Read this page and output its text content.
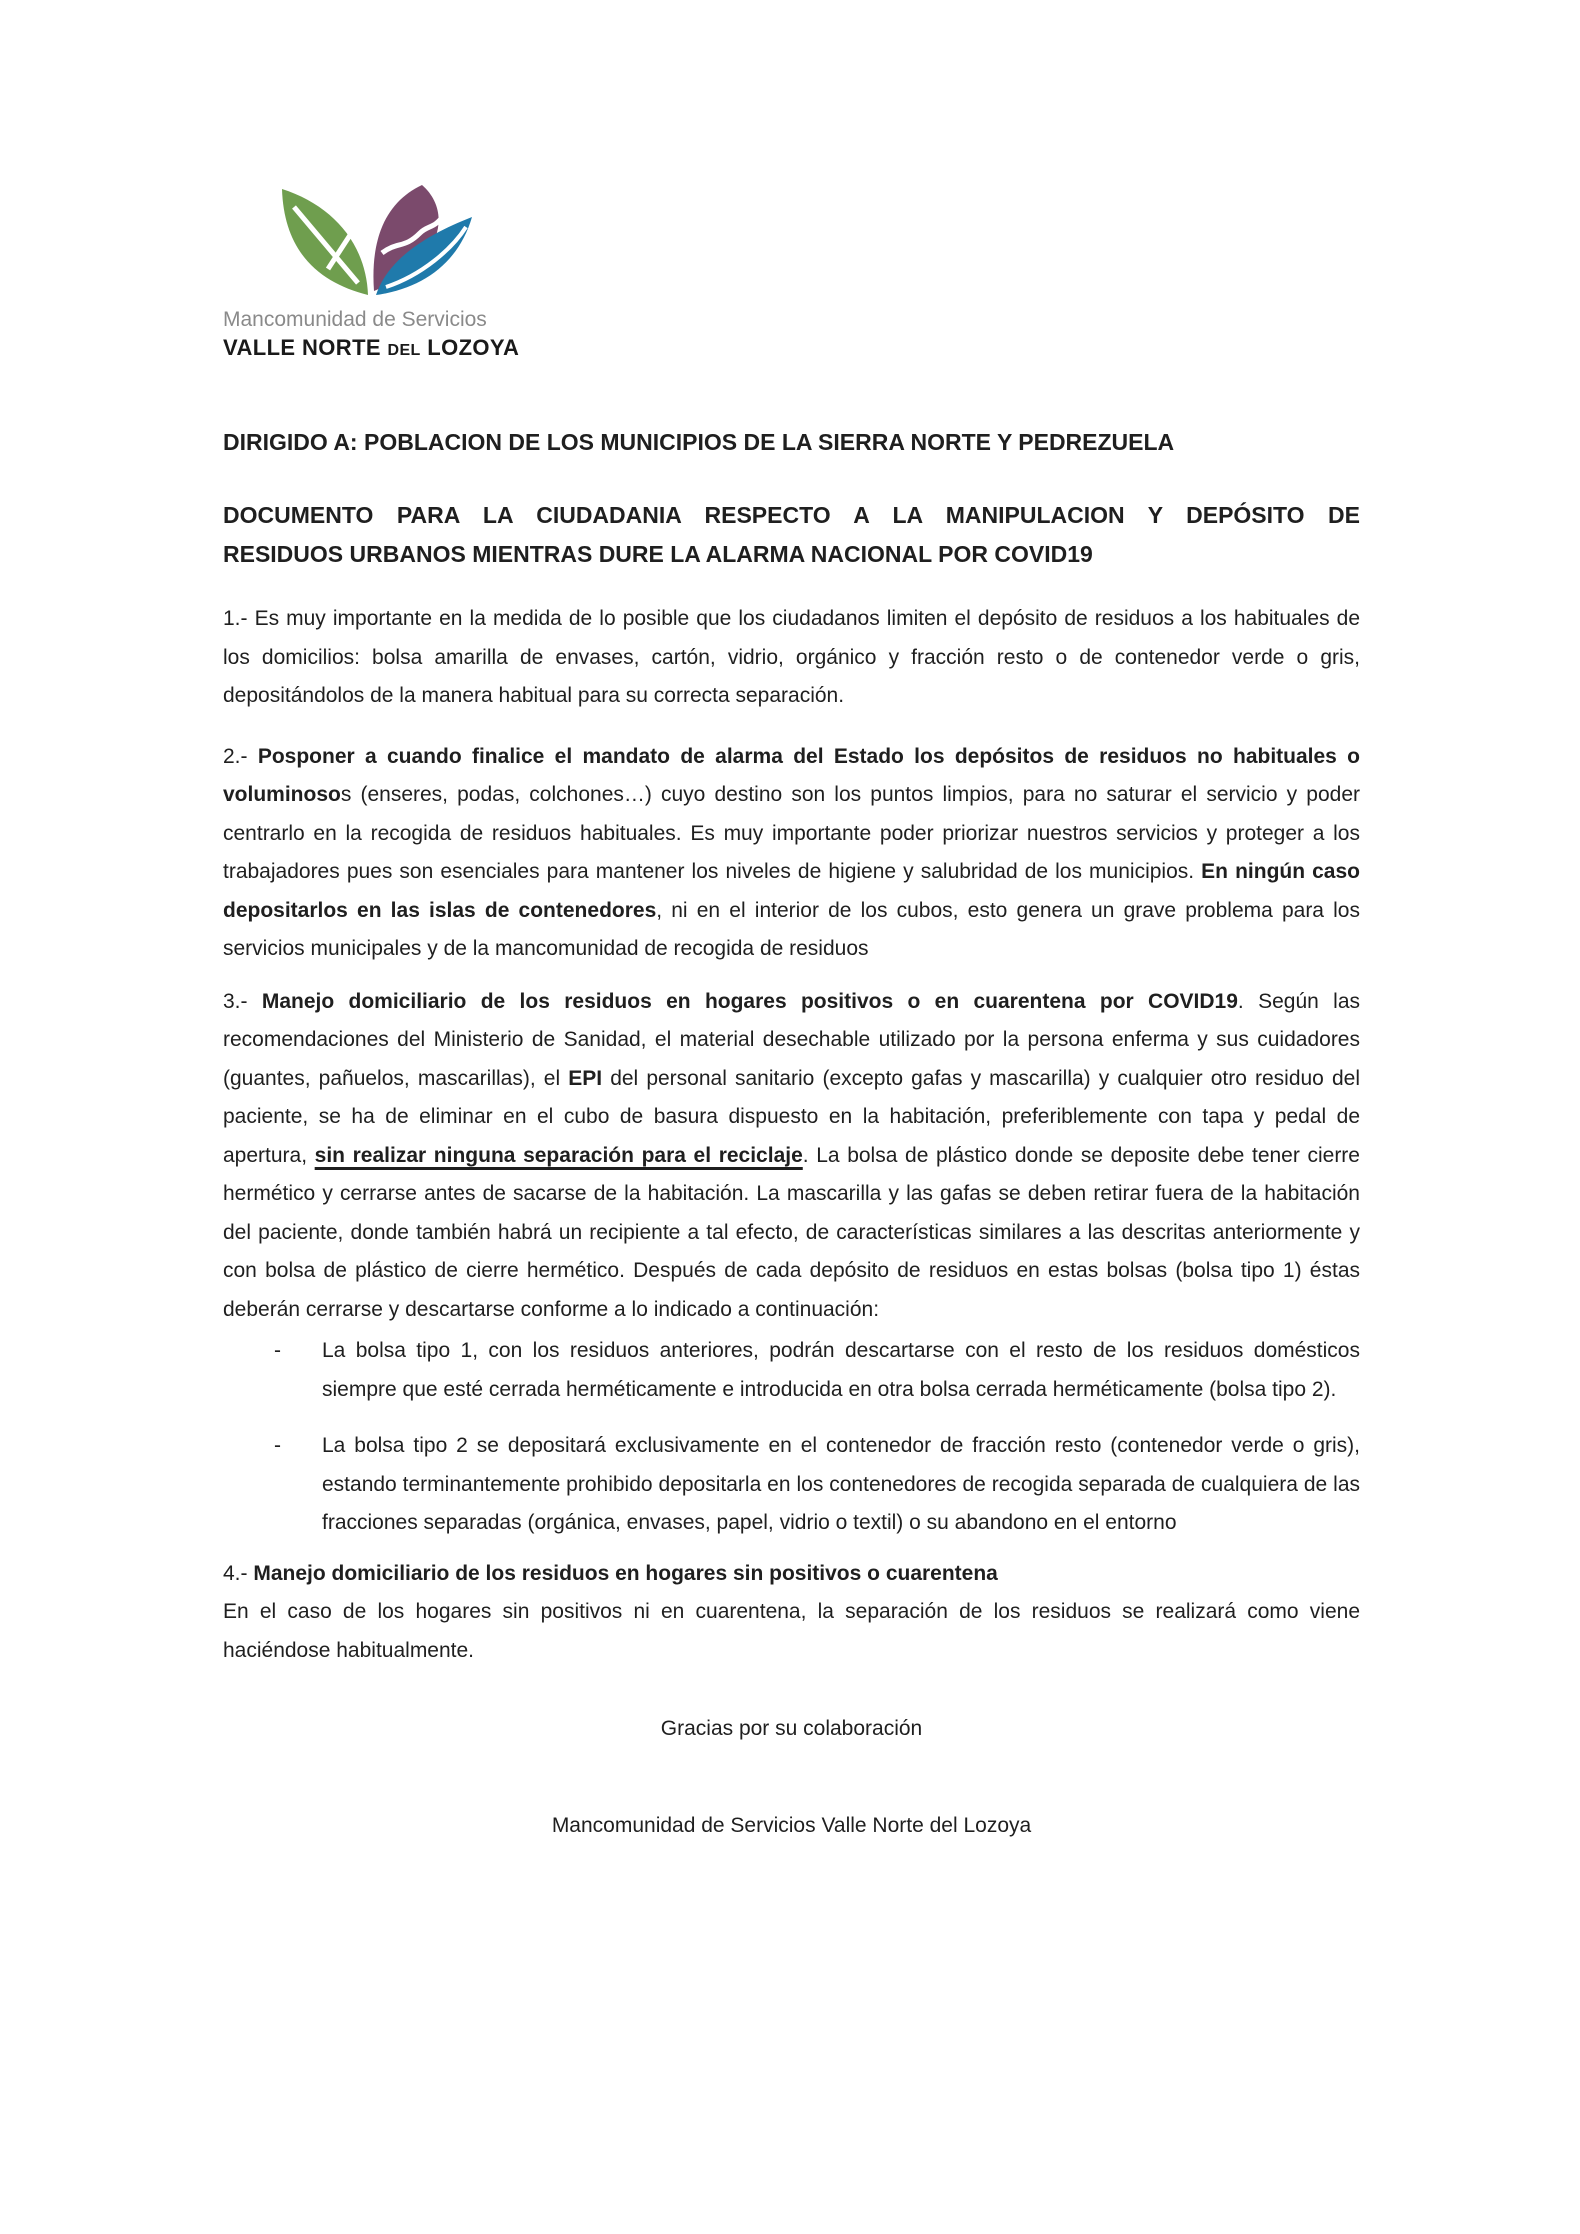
Mancomunidad de Servicios
VALLE NORTE DEL LOZOYA
DIRIGIDO A: POBLACION DE LOS MUNICIPIOS DE LA SIERRA NORTE Y PEDREZUELA
DOCUMENTO PARA LA CIUDADANIA RESPECTO A LA MANIPULACION Y DEPÓSITO DE
RESIDUOS URBANOS MIENTRAS DURE LA ALARMA NACIONAL POR COVID19
1.- Es muy importante en la medida de lo posible que los ciudadanos limiten el depósito de residuos a los habituales de los domicilios: bolsa amarilla de envases, cartón, vidrio, orgánico y fracción resto o de contenedor verde o gris, depositándolos de la manera habitual para su correcta separación.
2.- Posponer a cuando finalice el mandato de alarma del Estado los depósitos de residuos no habituales o voluminosos (enseres, podas, colchones…) cuyo destino son los puntos limpios, para no saturar el servicio y poder centrarlo en la recogida de residuos habituales. Es muy importante poder priorizar nuestros servicios y proteger a los trabajadores pues son esenciales para mantener los niveles de higiene y salubridad de los municipios. En ningún caso depositarlos en las islas de contenedores, ni en el interior de los cubos, esto genera un grave problema para los servicios municipales y de la mancomunidad de recogida de residuos
3.- Manejo domiciliario de los residuos en hogares positivos o en cuarentena por COVID19. Según las recomendaciones del Ministerio de Sanidad, el material desechable utilizado por la persona enferma y sus cuidadores (guantes, pañuelos, mascarillas), el EPI del personal sanitario (excepto gafas y mascarilla) y cualquier otro residuo del paciente, se ha de eliminar en el cubo de basura dispuesto en la habitación, preferiblemente con tapa y pedal de apertura, sin realizar ninguna separación para el reciclaje. La bolsa de plástico donde se deposite debe tener cierre hermético y cerrarse antes de sacarse de la habitación. La mascarilla y las gafas se deben retirar fuera de la habitación del paciente, donde también habrá un recipiente a tal efecto, de características similares a las descritas anteriormente y con bolsa de plástico de cierre hermético. Después de cada depósito de residuos en estas bolsas (bolsa tipo 1) éstas deberán cerrarse y descartarse conforme a lo indicado a continuación:
-	La bolsa tipo 1, con los residuos anteriores, podrán descartarse con el resto de los residuos domésticos siempre que esté cerrada herméticamente e introducida en otra bolsa cerrada herméticamente (bolsa tipo 2).
-	La bolsa tipo 2 se depositará exclusivamente en el contenedor de fracción resto (contenedor verde o gris), estando terminantemente prohibido depositarla en los contenedores de recogida separada de cualquiera de las fracciones separadas (orgánica, envases, papel, vidrio o textil) o su abandono en el entorno
4.- Manejo domiciliario de los residuos en hogares sin positivos o cuarentena
En el caso de los hogares sin positivos ni en cuarentena, la separación de los residuos se realizará como viene haciéndose habitualmente.
Gracias por su colaboración
Mancomunidad de Servicios Valle Norte del Lozoya
